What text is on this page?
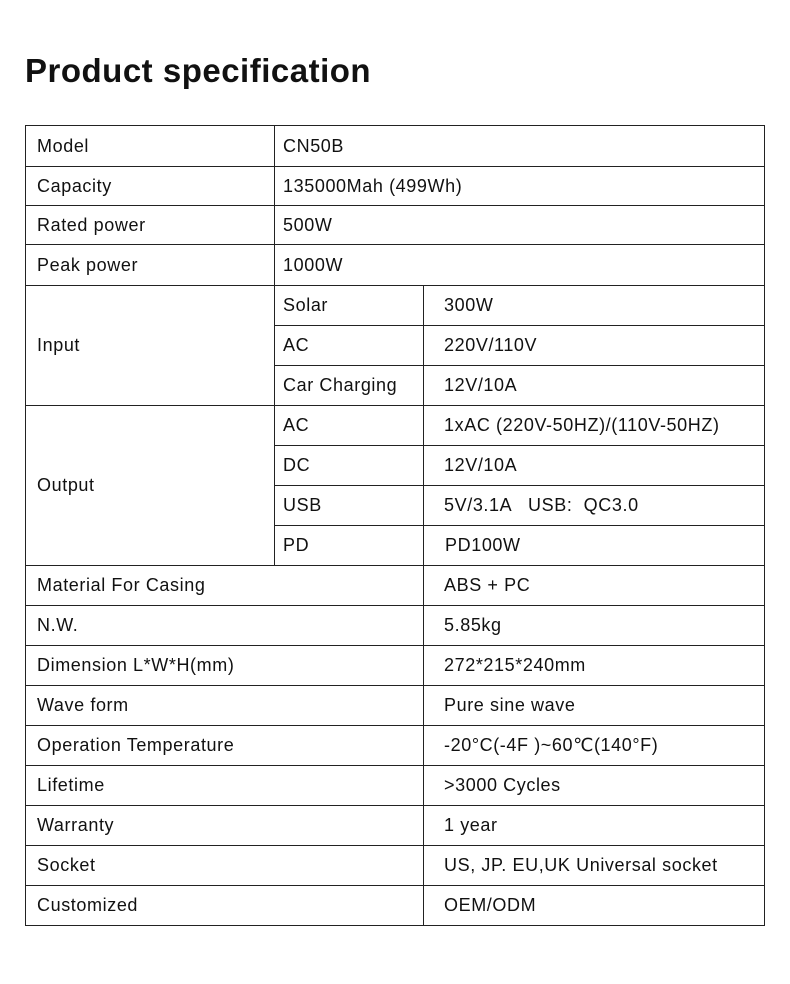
Product specification
Model	CN50B	
Capacity	135000Mah (499Wh)	
Rated power	500W	
Peak power	1000W	
Input	Solar	300W
	AC	220V/110V
	Car Charging	12V/10A
Output	AC	1xAC (220V-50HZ)/(110V-50HZ)
	DC	12V/10A
	USB	5V/3.1A   USB:  QC3.0
	PD	PD100W
Material For Casing		ABS + PC
N.W.		5.85kg
Dimension L*W*H(mm)		272*215*240mm
Wave form		Pure sine wave
Operation Temperature		-20°C(-4F )~60℃(140°F)
Lifetime		>3000 Cycles
Warranty		1 year
Socket		US, JP. EU,UK Universal socket
Customized		OEM/ODM
